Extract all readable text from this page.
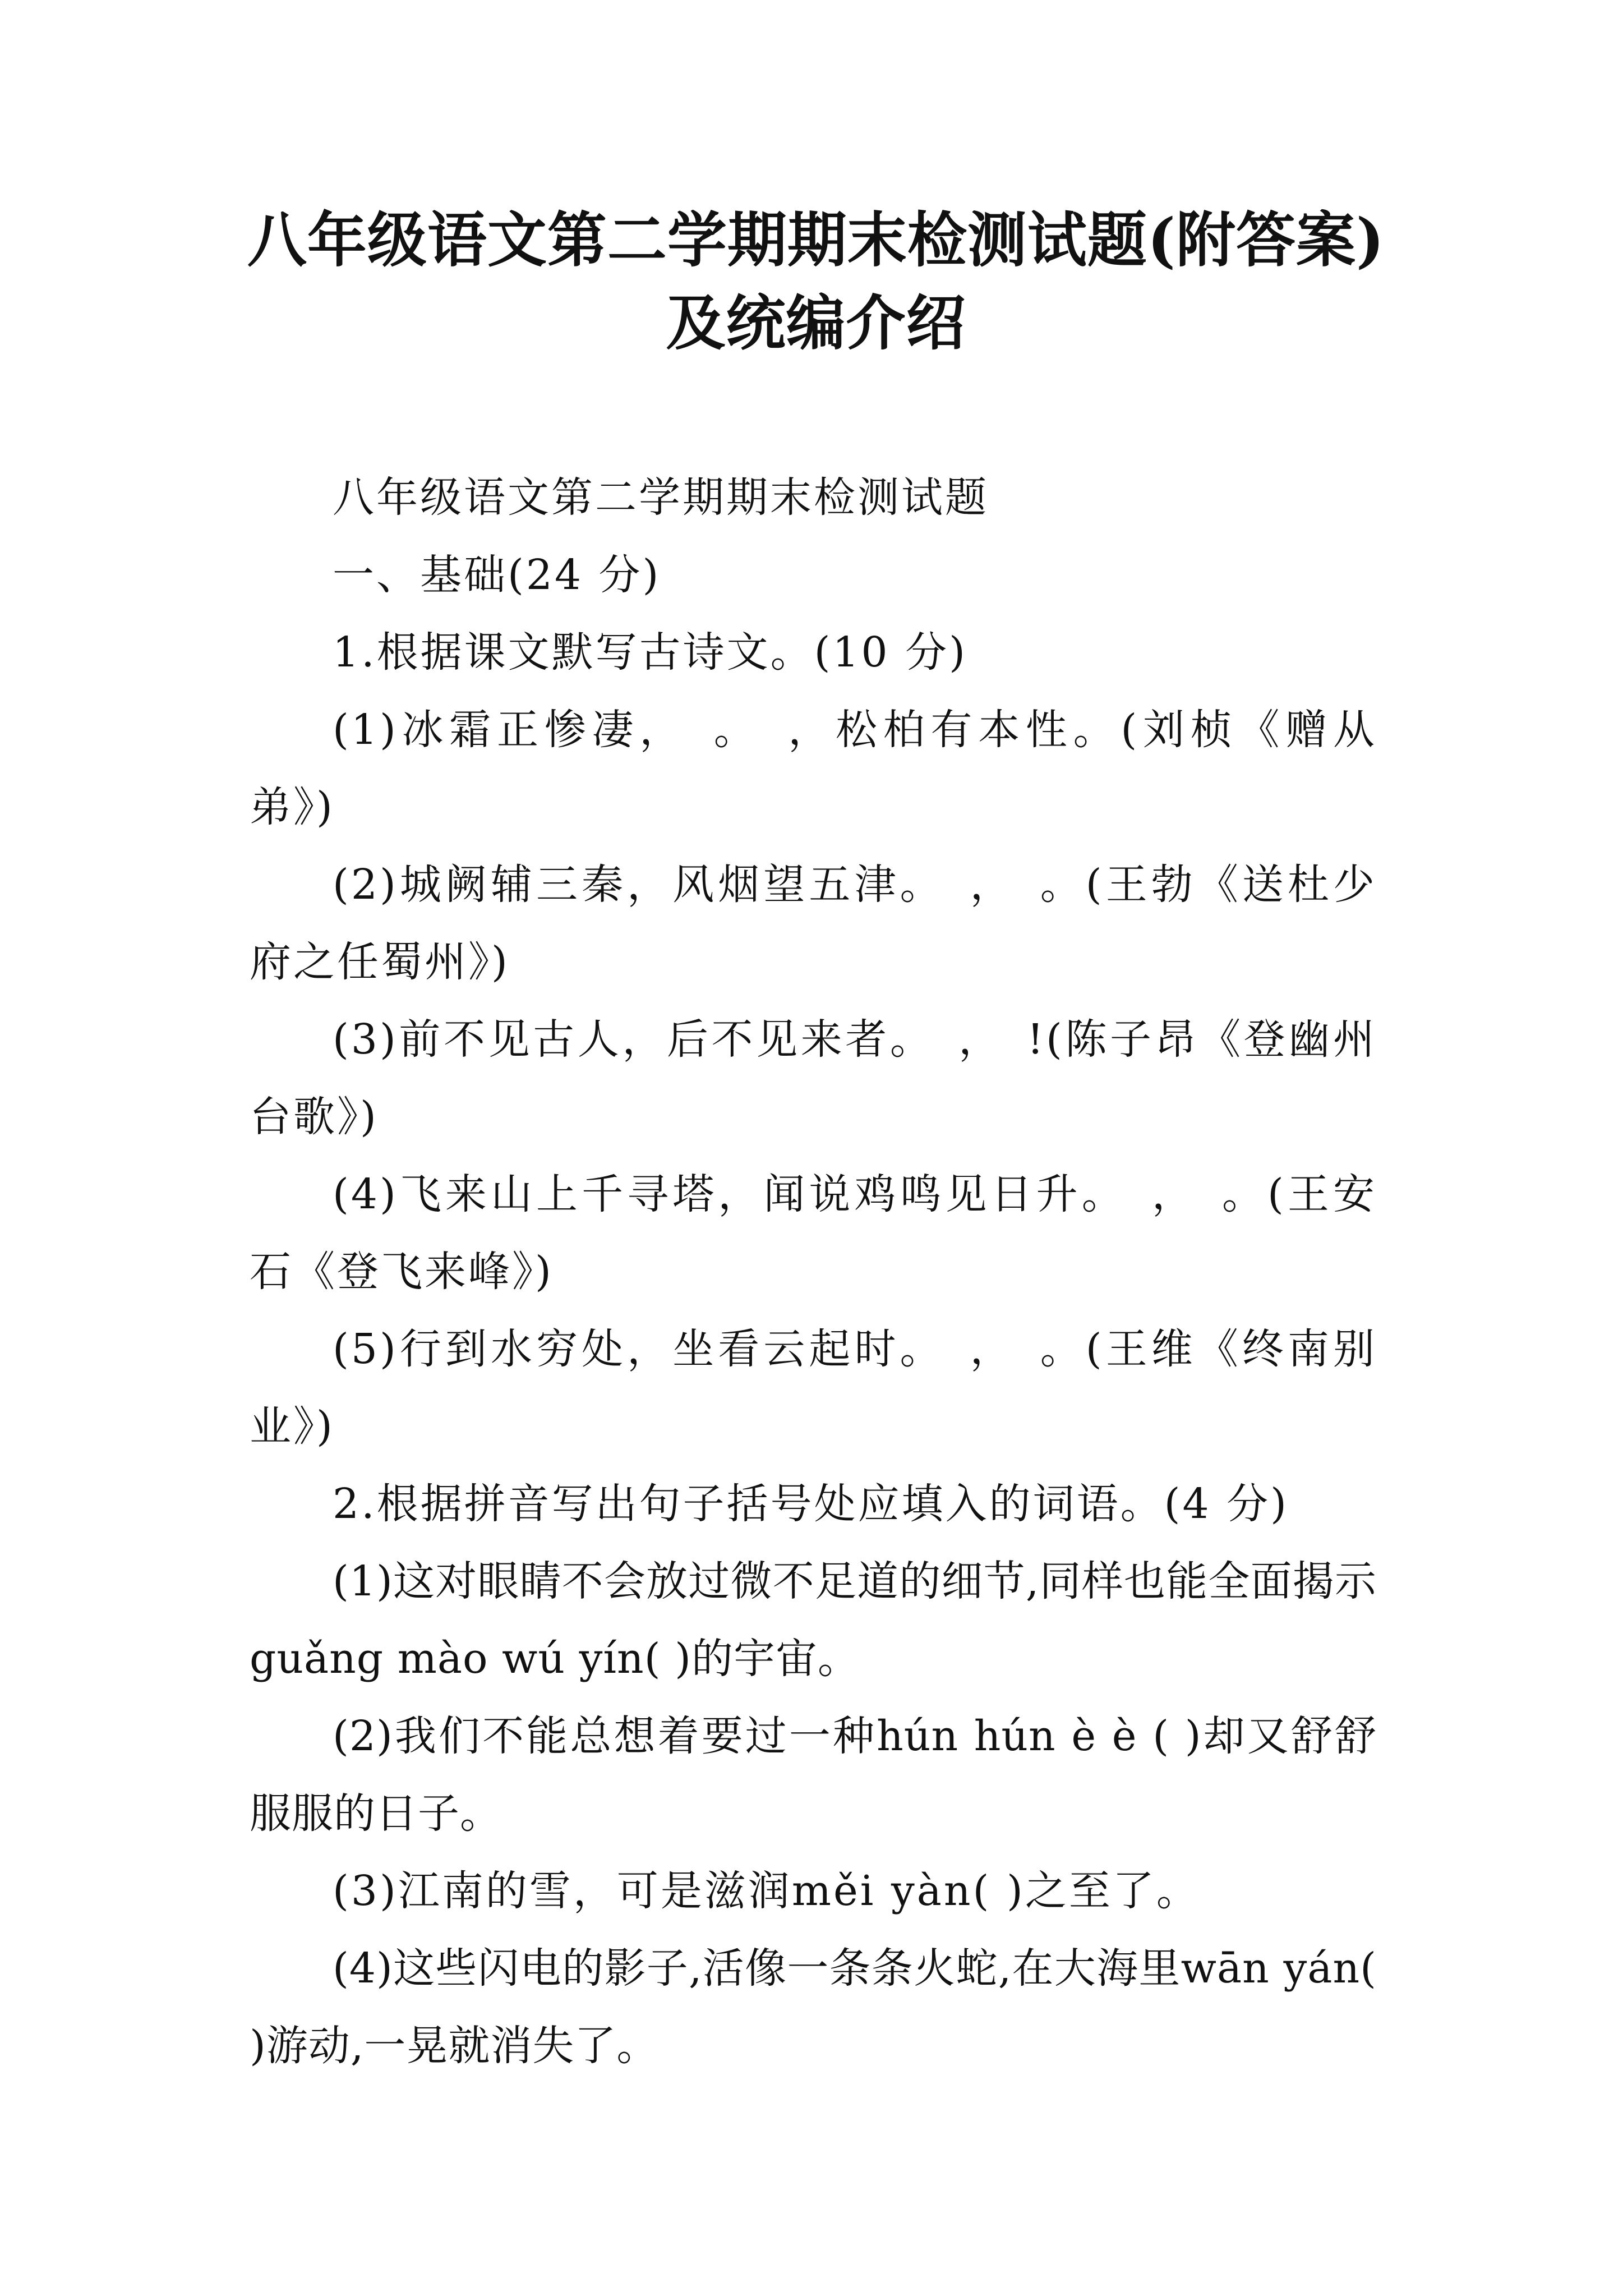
八年级语文第二学期期末检测试题(附答案)
及统编介绍

八年级语文第二学期期末检测试题

一、基础(24 分)

1.根据课文默写古诗文。(10 分)

(1)冰霜正惨凄，　。　，松柏有本性。(刘桢《赠从弟》)

(2)城阙辅三秦，风烟望五津。　，　。(王勃《送杜少府之任蜀州》)

(3)前不见古人，后不见来者。　，　!(陈子昂《登幽州台歌》)

(4)飞来山上千寻塔，闻说鸡鸣见日升。　，　。(王安石《登飞来峰》)

(5)行到水穷处，坐看云起时。　，　。(王维《终南别业》)

2.根据拼音写出句子括号处应填入的词语。(4 分)

(1)这对眼睛不会放过微不足道的细节,同样也能全面揭示guǎng mào wú yín( )的宇宙。

(2)我们不能总想着要过一种hún hún è è ( )却又舒舒服服的日子。

(3)江南的雪，可是滋润měi yàn( )之至了。

(4)这些闪电的影子,活像一条条火蛇,在大海里wān yán( )游动,一晃就消失了。
